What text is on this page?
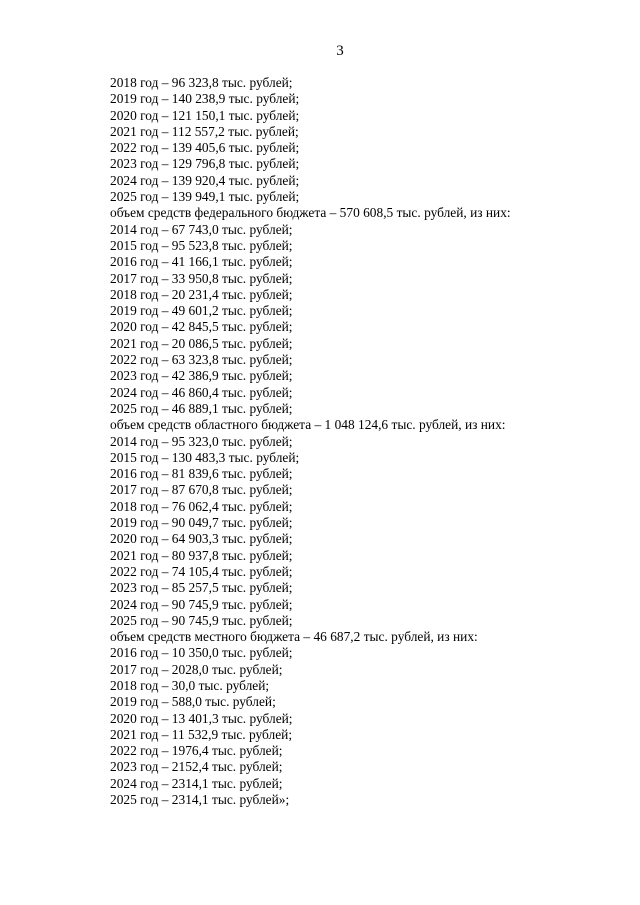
3
2018 год – 96 323,8 тыс. рублей;
2019 год – 140 238,9 тыс. рублей;
2020 год – 121 150,1 тыс. рублей;
2021 год – 112 557,2 тыс. рублей;
2022 год – 139 405,6 тыс. рублей;
2023 год – 129 796,8 тыс. рублей;
2024 год – 139 920,4 тыс. рублей;
2025 год – 139 949,1 тыс. рублей;
объем средств федерального бюджета – 570 608,5 тыс. рублей, из них:
2014 год – 67 743,0 тыс. рублей;
2015 год – 95 523,8 тыс. рублей;
2016 год – 41 166,1 тыс. рублей;
2017 год – 33 950,8 тыс. рублей;
2018 год – 20 231,4 тыс. рублей;
2019 год – 49 601,2 тыс. рублей;
2020 год – 42 845,5 тыс. рублей;
2021 год – 20 086,5 тыс. рублей;
2022 год – 63 323,8 тыс. рублей;
2023 год – 42 386,9 тыс. рублей;
2024 год – 46 860,4 тыс. рублей;
2025 год – 46 889,1 тыс. рублей;
объем средств областного бюджета – 1 048 124,6 тыс. рублей, из них:
2014 год – 95 323,0 тыс. рублей;
2015 год – 130 483,3 тыс. рублей;
2016 год – 81 839,6 тыс. рублей;
2017 год – 87 670,8 тыс. рублей;
2018 год – 76 062,4 тыс. рублей;
2019 год – 90 049,7 тыс. рублей;
2020 год – 64 903,3 тыс. рублей;
2021 год – 80 937,8 тыс. рублей;
2022 год – 74 105,4 тыс. рублей;
2023 год – 85 257,5 тыс. рублей;
2024 год – 90 745,9 тыс. рублей;
2025 год – 90 745,9 тыс. рублей;
объем средств местного бюджета – 46 687,2 тыс. рублей, из них:
2016 год – 10 350,0 тыс. рублей;
2017 год – 2028,0 тыс. рублей;
2018 год – 30,0 тыс. рублей;
2019 год – 588,0 тыс. рублей;
2020 год – 13 401,3 тыс. рублей;
2021 год – 11 532,9 тыс. рублей;
2022 год – 1976,4 тыс. рублей;
2023 год – 2152,4 тыс. рублей;
2024 год – 2314,1 тыс. рублей;
2025 год – 2314,1 тыс. рублей»;
